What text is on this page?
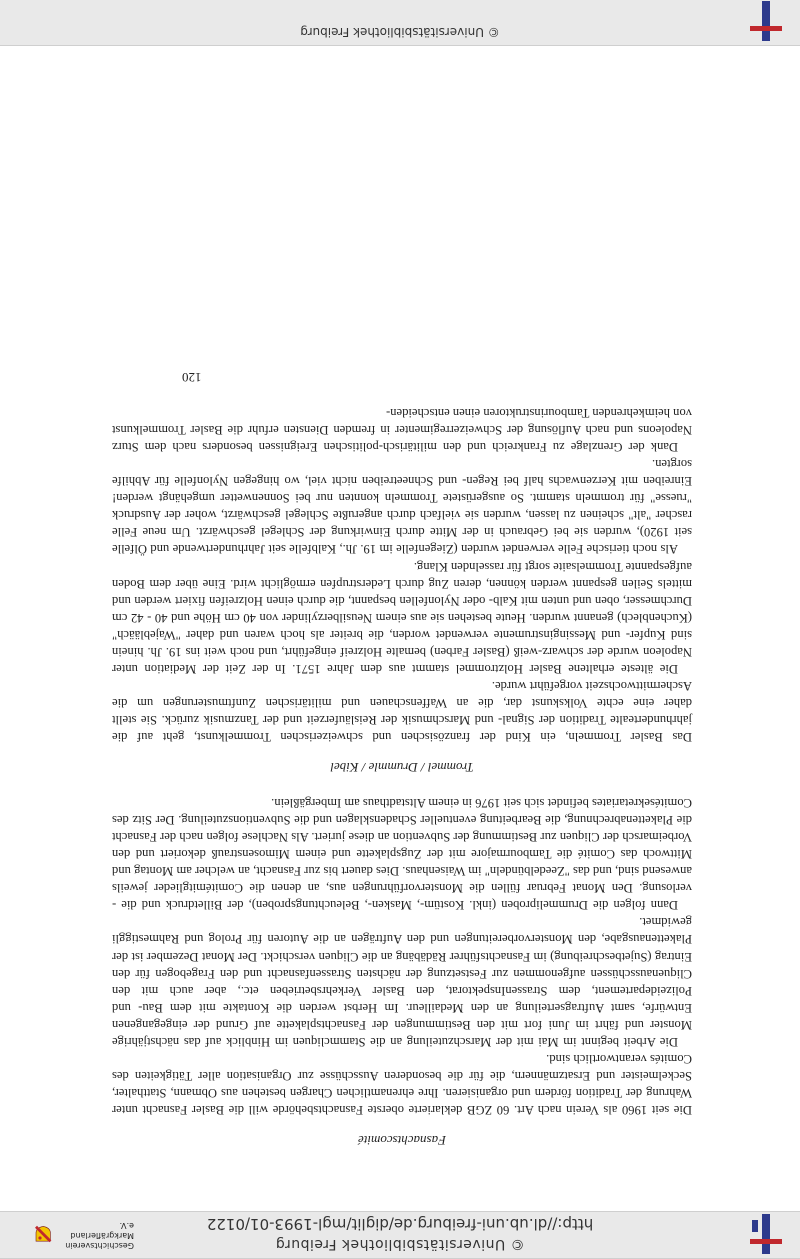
© Universitätsbibliothek Freiburg
http://dl.ub.uni-freiburg.de/diglit/mgl-1993-01/0122
Geschichtsverein
Markgräflerland e.V.
Fasnachtscomité

Die seit 1960 als Verein nach Art. 60 ZGB deklarierte oberste Fasnachtsbehörde will die Basler Fasnacht unter Wahrung der Tradition fördern und organisieren. Ihre ehrenamtlichen Chargen bestehen aus Obmann, Statthalter, Seckelmeister und Ersatzmännern, die für die besonderen Ausschüsse zur Organisation aller Tätigkeiten des Comités verantwortlich sind.

Die Arbeit beginnt im Mai mit der Marschzuteilung an die Stammcliquen im Hinblick auf das nächstjährige Monster und fährt im Juni fort mit den Bestimmungen der Fasnachtsplakette auf Grund der eingegangenen Entwürfe, samt Auftragserteilung an den Medailleur. Im Herbst werden die Kontakte mit dem Bau- und Polizeidepartement, dem StrassenInspektorat, den Basler Verkehrsbetrieben etc., aber auch mit den Cliquenausschüssen aufgenommen zur Festsetzung der nächsten Strassenfasnacht und den Fragebogen für den Eintrag (Sujetbeschreibung) im Fasnachtsführer Rädäbäng an die Cliquen verschickt. Der Monat Dezember ist der Plakettenausgabe, den Monstervorbereitungen und den Aufträgen an die Autoren für Prolog und Rahmestiggli gewidmet.

Dann folgen die Drummeliproben (inkl. Kostüm-, Masken-, Beleuchtungsproben), der Billetdruck und die -verlosung. Den Monat Februar füllen die Monstervorführungen aus, an denen die Comitémitglieder jeweils anwesend sind, und das "Zeedelbündeln" im Waisenhaus. Dies dauert bis zur Fasnacht, an welcher am Montag und Mittwoch das Comité die Tambourmajore mit der Zugsplakette und einem Mimosenstrauß dekoriert und den Vorbeimarsch der Cliquen zur Bestimmung der Subvention an diese juriert. Als Nachlese folgen nach der Fasnacht die Plakettenabrechnung, die Bearbeitung eventueller Schadensklagen und die Subventionszuteilung. Der Sitz des Comitésekretariates befindet sich seit 1976 in einem Altstadthaus am Imbergäßlein.

Trommel / Drummle / Kibel

Das Basler Trommeln, ein Kind der französischen und schweizerischen Trommelkunst, geht auf die jahrhundertealte Tradition der Signal- und Marschmusik der Reisläuferzeit und der Tanzmusik zurück. Sie stellt daher eine echte Volkskunst dar, die an Waffenschauen und militärischen Zunftmusterungen um die Aschermittwochszeit vorgeführt wurde.

Die älteste erhaltene Basler Holztrommel stammt aus dem Jahre 1571. In der Zeit der Mediation unter Napoleon wurde der schwarz-weiß (Basler Farben) bemalte Holzreif eingeführt, und noch weit ins 19. Jh. hinein sind Kupfer- und Messinginstrumente verwendet worden, die breiter als hoch waren und daher "Wajeblääch" (Kuchenblech) genannt wurden. Heute bestehen sie aus einem Neusilberzylinder von 40 cm Höhe und 40 - 42 cm Durchmesser, oben und unten mit Kalb- oder Nylonfellen bespannt, die durch einen Holzreifen fixiert werden und mittels Seilen gespannt werden können, deren Zug durch Lederstrupfen ermöglicht wird. Eine über dem Boden aufgespannte Trommelsaite sorgt für rasselnden Klang.

Als noch tierische Felle verwendet wurden (Ziegenfelle im 19. Jh., Kalbfelle seit Jahrhundertwende und Ölfelle seit 1920), wurden sie bei Gebrauch in der Mitte durch Einwirkung der Schlegel geschwärzt. Um neue Felle rascher "alt" scheinen zu lassen, wurden sie vielfach durch angerußte Schlegel geschwärzt, woher der Ausdruck "ruesse" für trommeln stammt. So ausgerüstete Trommeln konnten nur bei Sonnenwetter umgehängt werden! Einreiben mit Kerzenwachs half bei Regen- und Schneetreiben nicht viel, wo hingegen Nylonfelle für Abhilfe sorgten.

Dank der Grenzlage zu Frankreich und den militärisch-politischen Ereignissen besonders nach dem Sturz Napoleons und nach Auflösung der Schweizerregimenter in fremden Diensten erfuhr die Basler Trommelkunst von heimkehrenden Tambourinstruktoren einen entscheiden-

120
© Universitätsbibliothek Freiburg
